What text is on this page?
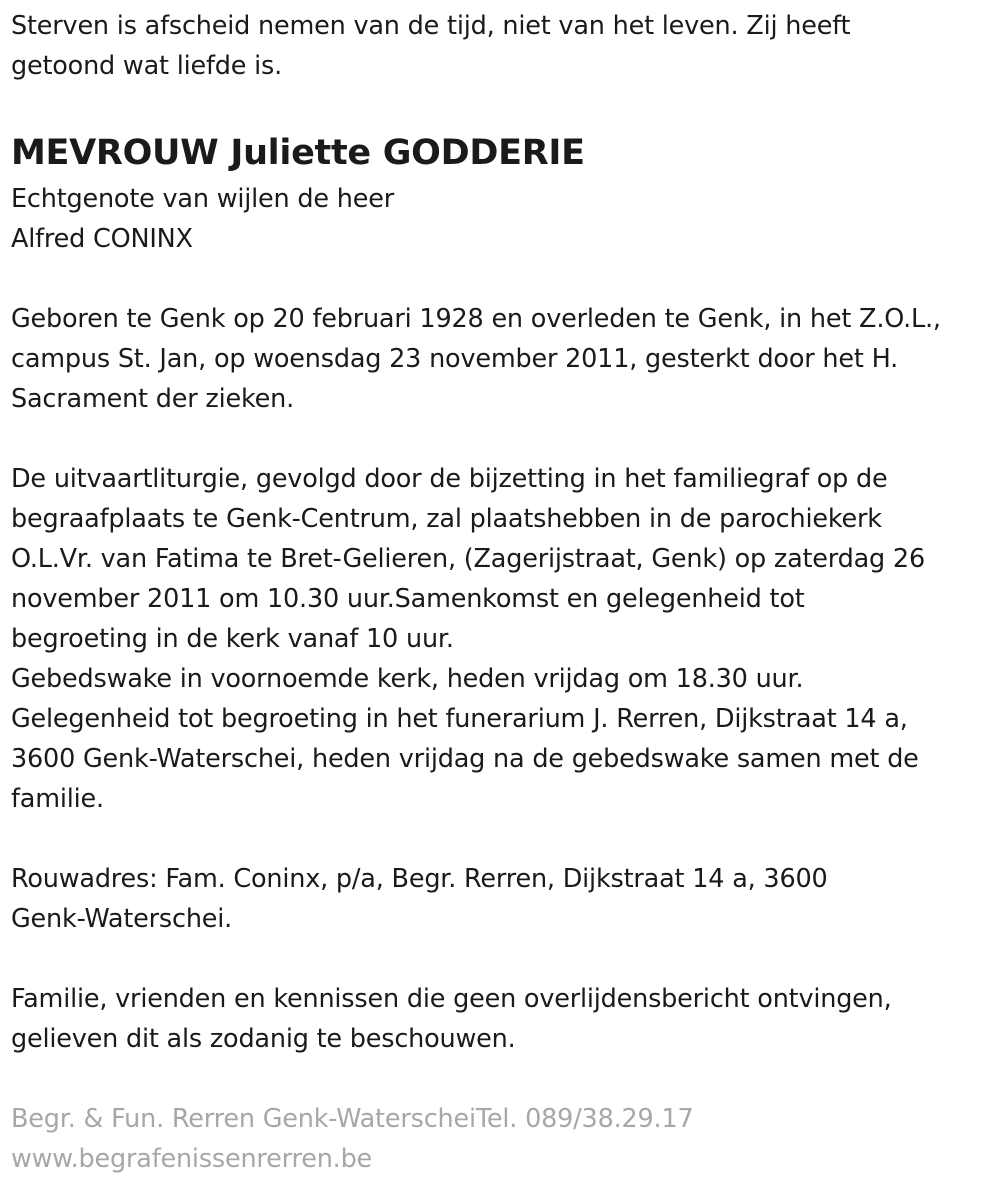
Sterven is afscheid nemen van de tijd, niet van het leven. Zij heeft
getoond wat liefde is.
MEVROUW Juliette GODDERIE
Echtgenote van wijlen de heer
Alfred CONINX
Geboren te Genk op 20 februari 1928 en overleden te Genk, in het Z.O.L.,
campus St. Jan, op woensdag 23 november 2011, gesterkt door het H.
Sacrament der zieken.
De uitvaartliturgie, gevolgd door de bijzetting in het familiegraf op de
begraafplaats te Genk-Centrum, zal plaatshebben in de parochiekerk
O.L.Vr. van Fatima te Bret-Gelieren, (Zagerijstraat, Genk) op zaterdag 26
november 2011 om 10.30 uur.Samenkomst en gelegenheid tot
begroeting in de kerk vanaf 10 uur.
Gebedswake in voornoemde kerk, heden vrijdag om 18.30 uur.
Gelegenheid tot begroeting in het funerarium J. Rerren, Dijkstraat 14 a,
3600 Genk-Waterschei, heden vrijdag na de gebedswake samen met de
familie.
Rouwadres: Fam. Coninx, p/a, Begr. Rerren, Dijkstraat 14 a, 3600
Genk-Waterschei.
Familie, vrienden en kennissen die geen overlijdensbericht ontvingen,
gelieven dit als zodanig te beschouwen.
Begr. & Fun. Rerren Genk-WaterscheiTel. 089/38.29.17
www.begrafenissenrerren.be
